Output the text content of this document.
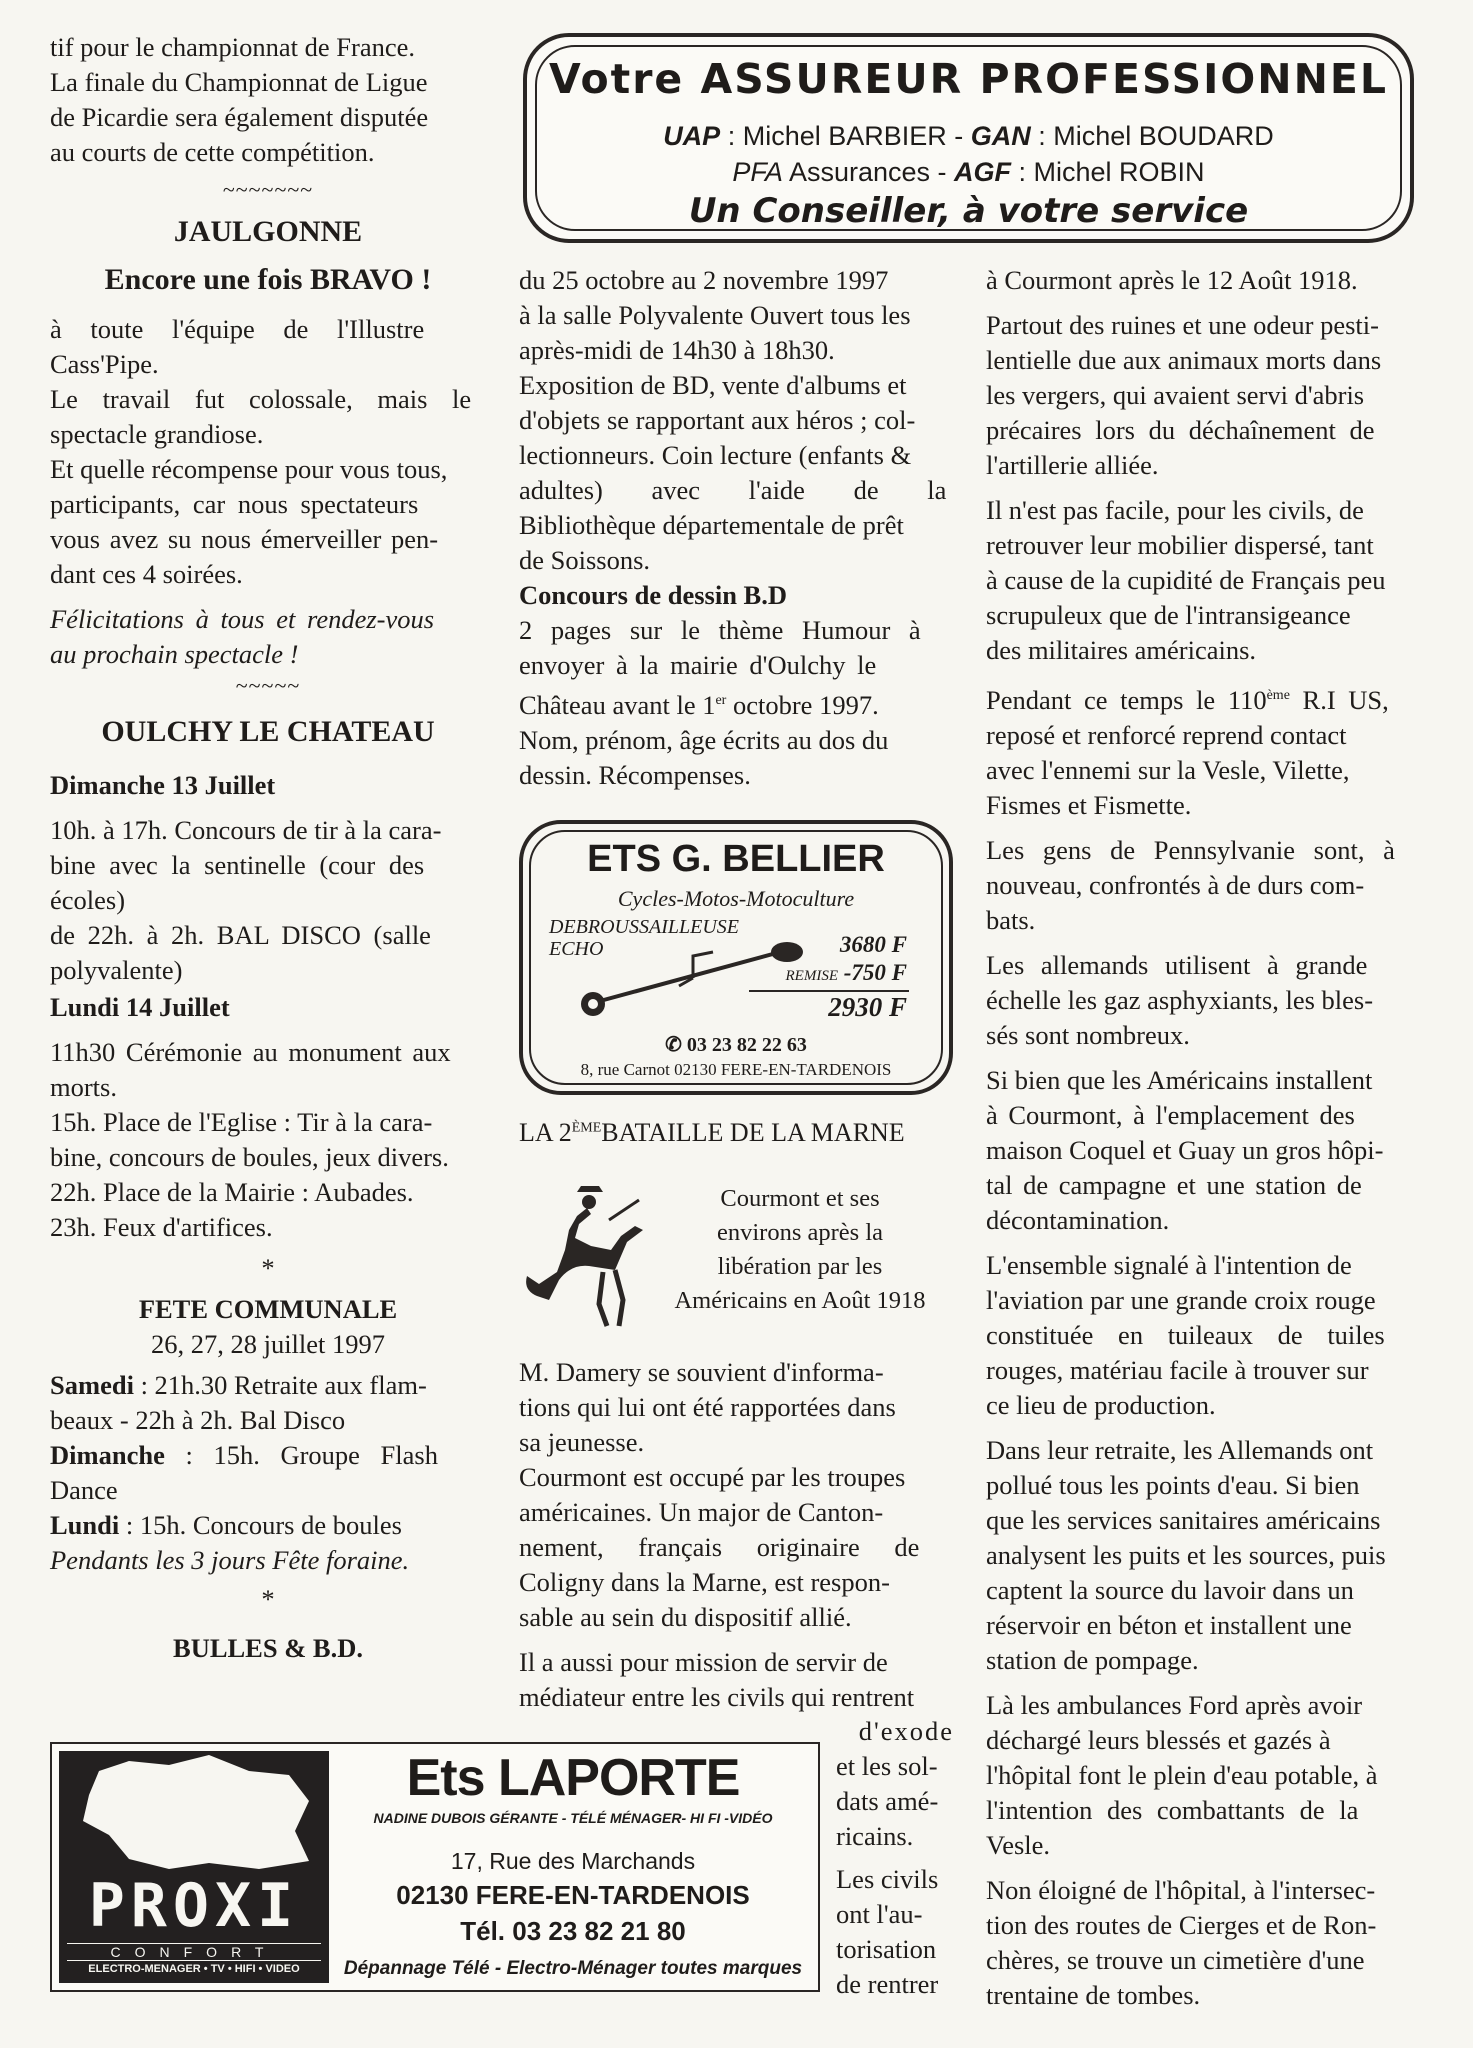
tif pour le championnat de France.
La finale du Championnat de Ligue
de Picardie sera également disputée
au courts de cette compétition.
~~~~~~~
JAULGONNE
Encore une fois BRAVO !
à toute l'équipe de l'Illustre
Cass'Pipe.
Le travail fut colossale, mais le
spectacle grandiose.
Et quelle récompense pour vous tous,
participants, car nous spectateurs
vous avez su nous émerveiller pen-
dant ces 4 soirées.
Félicitations à tous et rendez-vous
au prochain spectacle !
~~~~~
OULCHY LE CHATEAU
Dimanche 13 Juillet
10h. à 17h. Concours de tir à la cara-
bine avec la sentinelle (cour des
écoles)
de 22h. à 2h. BAL DISCO (salle
polyvalente)
Lundi 14 Juillet
11h30 Cérémonie au monument aux
morts.
15h. Place de l'Eglise : Tir à la cara-
bine, concours de boules, jeux divers.
22h. Place de la Mairie : Aubades.
23h. Feux d'artifices.
*
FETE COMMUNALE
26, 27, 28 juillet 1997
Samedi : 21h.30 Retraite aux flam-
beaux - 22h à 2h. Bal Disco
Dimanche : 15h. Groupe Flash
Dance
Lundi : 15h. Concours de boules
Pendants les 3 jours Fête foraine.
*
BULLES & B.D.
Votre ASSUREUR PROFESSIONNEL
UAP : Michel BARBIER - GAN : Michel BOUDARD
PFA Assurances - AGF : Michel ROBIN
Un Conseiller, à votre service
du 25 octobre au 2 novembre 1997
à la salle Polyvalente Ouvert tous les
après-midi de 14h30 à 18h30.
Exposition de BD, vente d'albums et
d'objets se rapportant aux héros ; col-
lectionneurs. Coin lecture (enfants &
adultes) avec l'aide de la
Bibliothèque départementale de prêt
de Soissons.
Concours de dessin B.D
2 pages sur le thème Humour à
envoyer à la mairie d'Oulchy le
Château avant le 1er octobre 1997.
Nom, prénom, âge écrits au dos du
dessin. Récompenses.
ETS G. BELLIER
Cycles-Motos-Motoculture
DEBROUSSAILLEUSE
ECHO	3680 F
REMISE -750 F
2930 F
✆ 03 23 82 22 63
8, rue Carnot 02130 FERE-EN-TARDENOIS
LA 2ÈMEBATAILLE DE LA MARNE
Courmont et ses
environs après la
libération par les
Américains en Août 1918
M. Damery se souvient d'informa-
tions qui lui ont été rapportées dans
sa jeunesse.
Courmont est occupé par les troupes
américaines. Un major de Canton-
nement, français originaire de
Coligny dans la Marne, est respon-
sable au sein du dispositif allié.
Il a aussi pour mission de servir de
médiateur entre les civils qui rentrent
d'exode
et les sol-
dats amé-
ricains.
Les civils
ont l'au-
torisation
de rentrer
PROXI
CONFORT
ELECTRO-MENAGER • TV • HIFI • VIDEO
Ets LAPORTE
NADINE DUBOIS GÉRANTE - TÉLÉ MÉNAGER- HI FI -VIDÉO
17, Rue des Marchands
02130 FERE-EN-TARDENOIS
Tél. 03 23 82 21 80
Dépannage Télé - Electro-Ménager toutes marques
à Courmont après le 12 Août 1918.
Partout des ruines et une odeur pesti-
lentielle due aux animaux morts dans
les vergers, qui avaient servi d'abris
précaires lors du déchaînement de
l'artillerie alliée.
Il n'est pas facile, pour les civils, de
retrouver leur mobilier dispersé, tant
à cause de la cupidité de Français peu
scrupuleux que de l'intransigeance
des militaires américains.
Pendant ce temps le 110ème R.I US,
reposé et renforcé reprend contact
avec l'ennemi sur la Vesle, Vilette,
Fismes et Fismette.
Les gens de Pennsylvanie sont, à
nouveau, confrontés à de durs com-
bats.
Les allemands utilisent à grande
échelle les gaz asphyxiants, les bles-
sés sont nombreux.
Si bien que les Américains installent
à Courmont, à l'emplacement des
maison Coquel et Guay un gros hôpi-
tal de campagne et une station de
décontamination.
L'ensemble signalé à l'intention de
l'aviation par une grande croix rouge
constituée en tuileaux de tuiles
rouges, matériau facile à trouver sur
ce lieu de production.
Dans leur retraite, les Allemands ont
pollué tous les points d'eau. Si bien
que les services sanitaires américains
analysent les puits et les sources, puis
captent la source du lavoir dans un
réservoir en béton et installent une
station de pompage.
Là les ambulances Ford après avoir
déchargé leurs blessés et gazés à
l'hôpital font le plein d'eau potable, à
l'intention des combattants de la
Vesle.
Non éloigné de l'hôpital, à l'intersec-
tion des routes de Cierges et de Ron-
chères, se trouve un cimetière d'une
trentaine de tombes.
